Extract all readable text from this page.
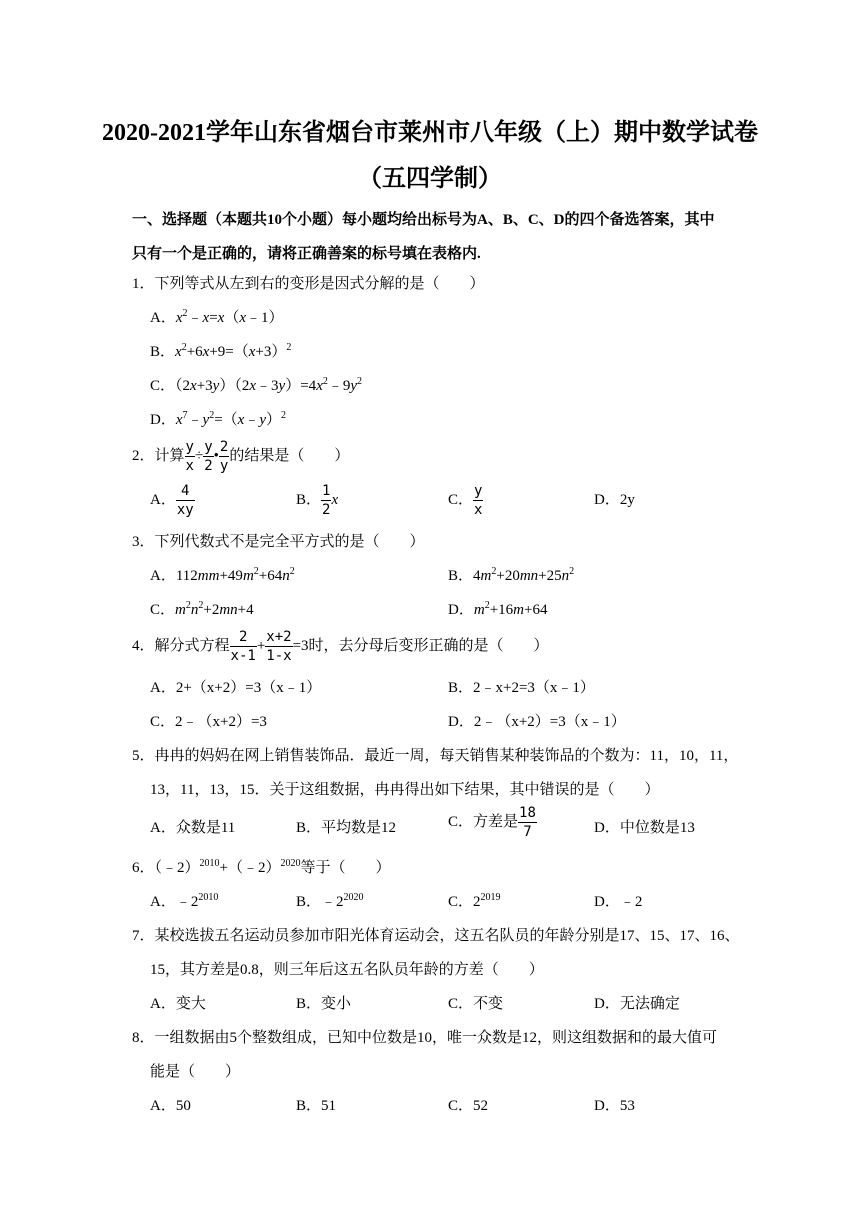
2020-2021学年山东省烟台市莱州市八年级（上）期中数学试卷
（五四学制）
一、选择题（本题共10个小题）每小题均给出标号为A、B、C、D的四个备选答案，其中
只有一个是正确的，请将正确善案的标号填在表格内.
1．下列等式从左到右的变形是因式分解的是（　　）
A．$x^2﹣x=x(x﹣1)$
B．$x^2+6x+9=(x+3)^2$
C．$(2x+3y)(2x﹣3y)=4x^2﹣9y^2$
D．$x^7﹣y^2=(x﹣y)^2$
2．计算 $\frac{y}{x} \div \frac{y}{2}$ • $\frac{2}{y}$ 的结果是（　　）
A． $\frac{4}{xy}$	B． $\frac{1}{2}$ x	C． $\frac{y}{x}$	D．2y
3．下列代数式不是完全平方式的是（　　）
A．$112mm+49m^2+64n^2$	B．$4m^2+20mn+25n^2$
C．$m^2n^2+2mn+4$	D．$m^2+16m+64$
4．解分式方程 $\frac{2}{x-1} + \frac{x+2}{1-x} =3$时，去分母后变形正确的是（　　）
A．2+（x+2）=3（x﹣1）	B．2﹣x+2=3（x﹣1）
C．2﹣（x+2）=3	D．2﹣（x+2）=3（x﹣1）
5．冉冉的妈妈在网上销售装饰品．最近一周，每天销售某种装饰品的个数为：11，10，11，
13，11，13，15．关于这组数据，冉冉得出如下结果，其中错误的是（　　）
A．众数是11	B．平均数是12	C．方差是 $\frac{18}{7}$	D．中位数是13
6．（﹣2）$^{2010}$+（﹣2）$^{2020}$等于（　　）
A．$﹣2^{2010}$	B．$﹣2^{2020}$	C．$2^{2019}$	D．﹣2
7．某校选拔五名运动员参加市阳光体育运动会，这五名队员的年龄分别是17、15、17、16、
15，其方差是0.8，则三年后这五名队员年龄的方差（　　）
A．变大	B．变小	C．不变	D．无法确定
8．一组数据由5个整数组成，已知中位数是10，唯一众数是12，则这组数据和的最大值可
能是（　　）
A．50	B．51	C．52	D．53
